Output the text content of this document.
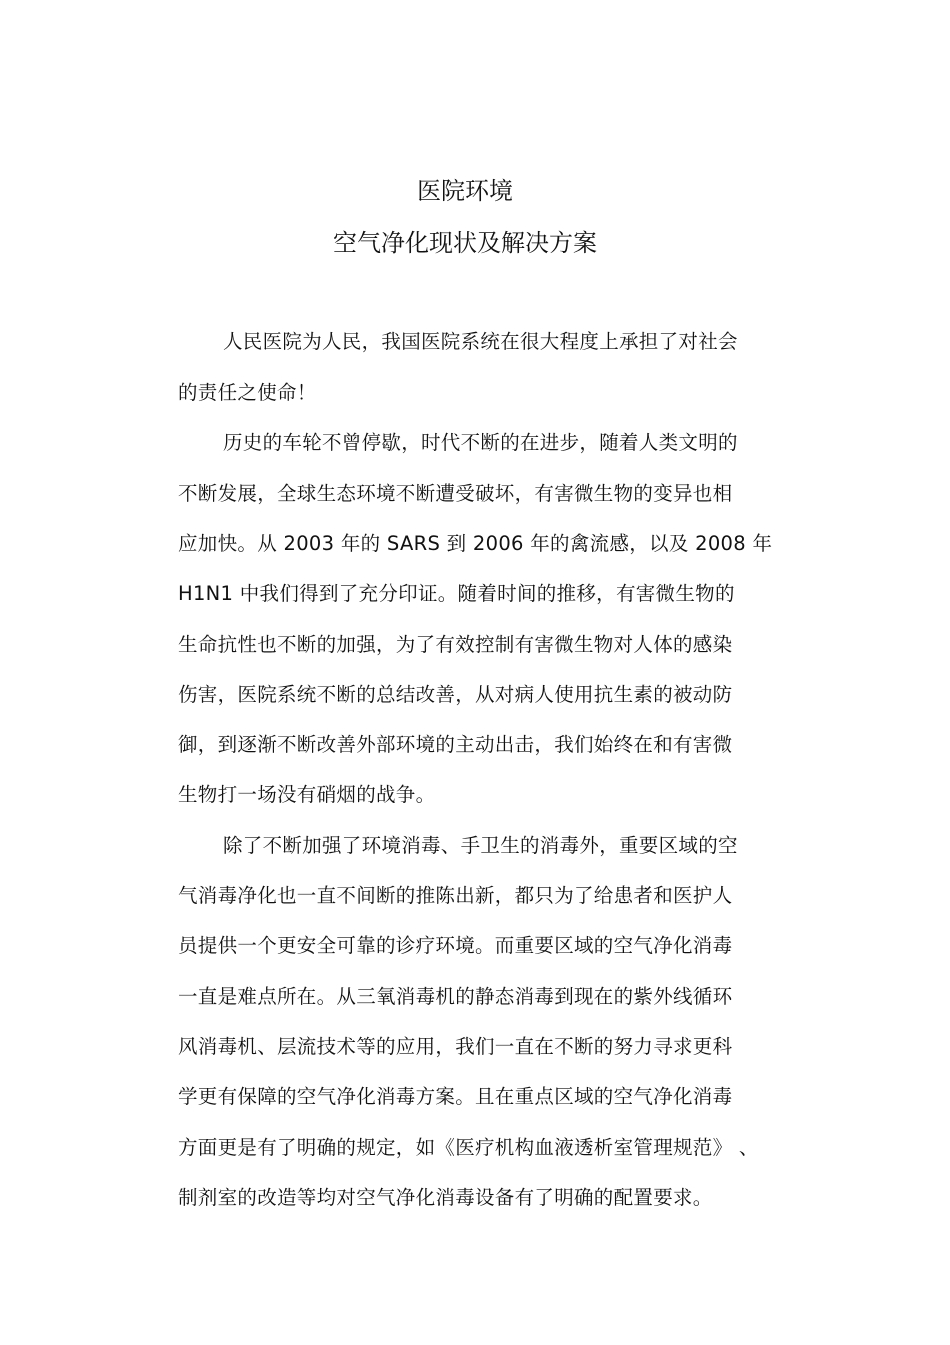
医院环境
空气净化现状及解决方案
人民医院为人民，我国医院系统在很大程度上承担了对社会
的责任之使命！
历史的车轮不曾停歇，时代不断的在进步，随着人类文明的
不断发展，全球生态环境不断遭受破坏，有害微生物的变异也相
应加快。从 2003 年的 SARS 到 2006 年的禽流感，以及 2008 年
H1N1 中我们得到了充分印证。随着时间的推移，有害微生物的
生命抗性也不断的加强，为了有效控制有害微生物对人体的感染
伤害，医院系统不断的总结改善，从对病人使用抗生素的被动防
御，到逐渐不断改善外部环境的主动出击，我们始终在和有害微
生物打一场没有硝烟的战争。
除了不断加强了环境消毒、手卫生的消毒外，重要区域的空
气消毒净化也一直不间断的推陈出新，都只为了给患者和医护人
员提供一个更安全可靠的诊疗环境。而重要区域的空气净化消毒
一直是难点所在。从三氧消毒机的静态消毒到现在的紫外线循环
风消毒机、层流技术等的应用，我们一直在不断的努力寻求更科
学更有保障的空气净化消毒方案。且在重点区域的空气净化消毒
方面更是有了明确的规定，如《医疗机构血液透析室管理规范》 、
制剂室的改造等均对空气净化消毒设备有了明确的配置要求。
